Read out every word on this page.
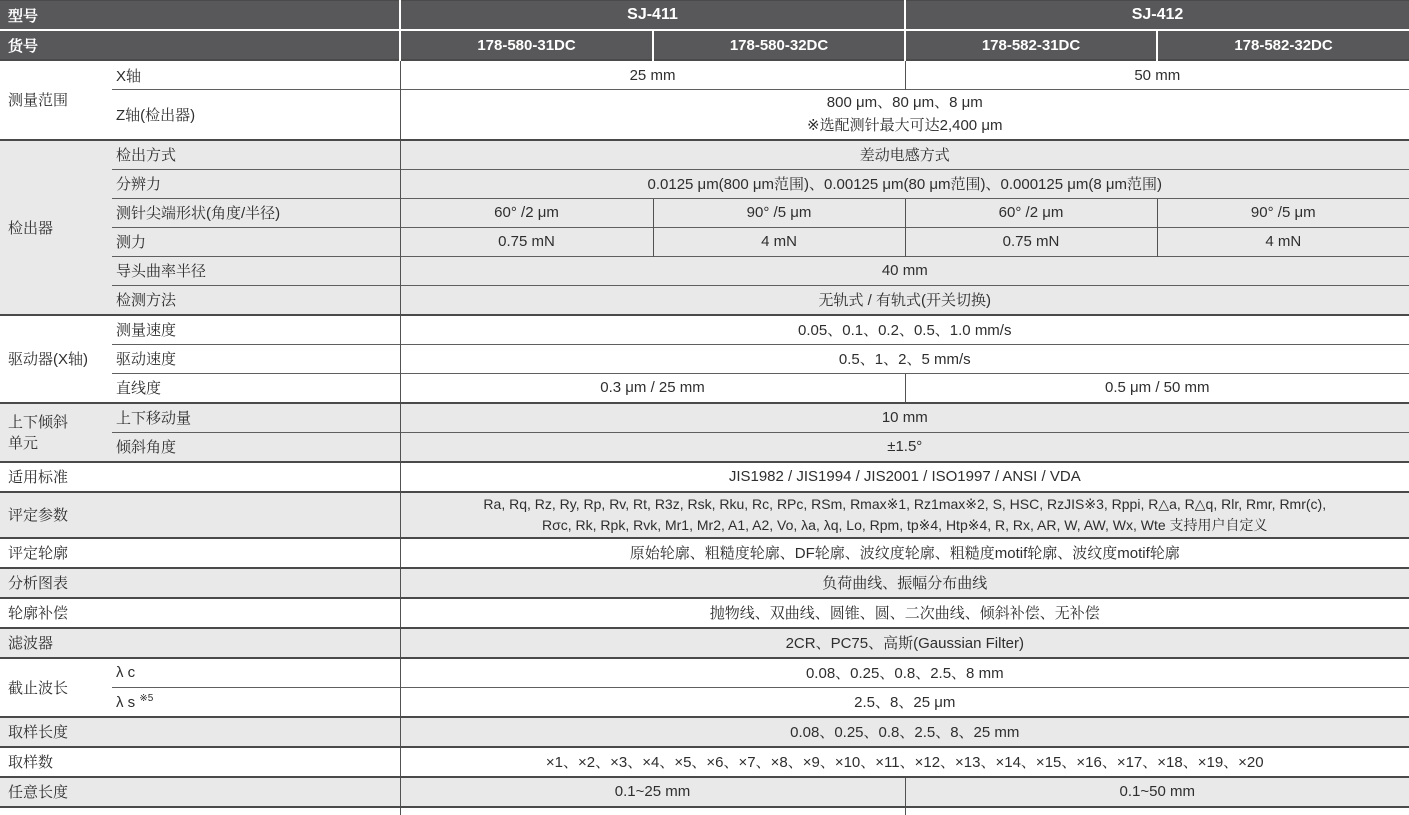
型号		SJ-411		SJ-412	
货号		178-580-31DC	178-580-32DC	178-582-31DC	178-582-32DC
测量范围	X轴	25 mm		50 mm	
	Z轴(检出器)	800 μm、80 μm、8 μm
※选配测针最大可达2,400 μm			

检出器	检出方式	差动电感方式			
	分辨力	0.0125 μm(800 μm范围)、0.00125 μm(80 μm范围)、0.000125 μm(8 μm范围)			
	测针尖端形状(角度/半径)	60° /2 μm	90° /5 μm	60° /2 μm	90° /5 μm
	测力	0.75 mN	4 mN	0.75 mN	4 mN
	导头曲率半径	40 mm			
	检测方法	无轨式 / 有轨式(开关切换)			
驱动器(X轴)	测量速度	0.05、0.1、0.2、0.5、1.0 mm/s			
	驱动速度	0.5、1、2、5 mm/s			
	直线度	0.3 μm / 25 mm		0.5 μm / 50 mm	

上下倾斜
单元	上下移动量	10 mm			
	倾斜角度	±1.5°			
适用标准		JIS1982 / JIS1994 / JIS2001 / ISO1997 / ANSI / VDA			
评定参数		Ra, Rq, Rz, Ry, Rp, Rv, Rt, R3z, Rsk, Rku, Rc, RPc, RSm, Rmax※1, Rz1max※2, S, HSC, RzJIS※3, Rppi, R△a, R△q, Rlr, Rmr, Rmr(c),
Rσc, Rk, Rpk, Rvk, Mr1, Mr2, A1, A2, Vo, λa, λq, Lo, Rpm, tp※4, Htp※4, R, Rx, AR, W, AW, Wx, Wte 支持用户自定义			

评定轮廓		原始轮廓、粗糙度轮廓、DF轮廓、波纹度轮廓、粗糙度motif轮廓、波纹度motif轮廓			
分析图表		负荷曲线、振幅分布曲线			
轮廓补偿		抛物线、双曲线、圆锥、圆、二次曲线、倾斜补偿、无补偿			
滤波器		2CR、PC75、高斯(Gaussian Filter)			
截止波长	λ c	0.08、0.25、0.8、2.5、8 mm			
	λ s $^{※5}$	2.5、8、25 μm			
取样长度		0.08、0.25、0.8、2.5、8、25 mm			
取样数		×1、×2、×3、×4、×5、×6、×7、×8、×9、×10、×11、×12、×13、×14、×15、×16、×17、×18、×19、×20			
任意长度		0.1~25 mm		0.1~50 mm	
